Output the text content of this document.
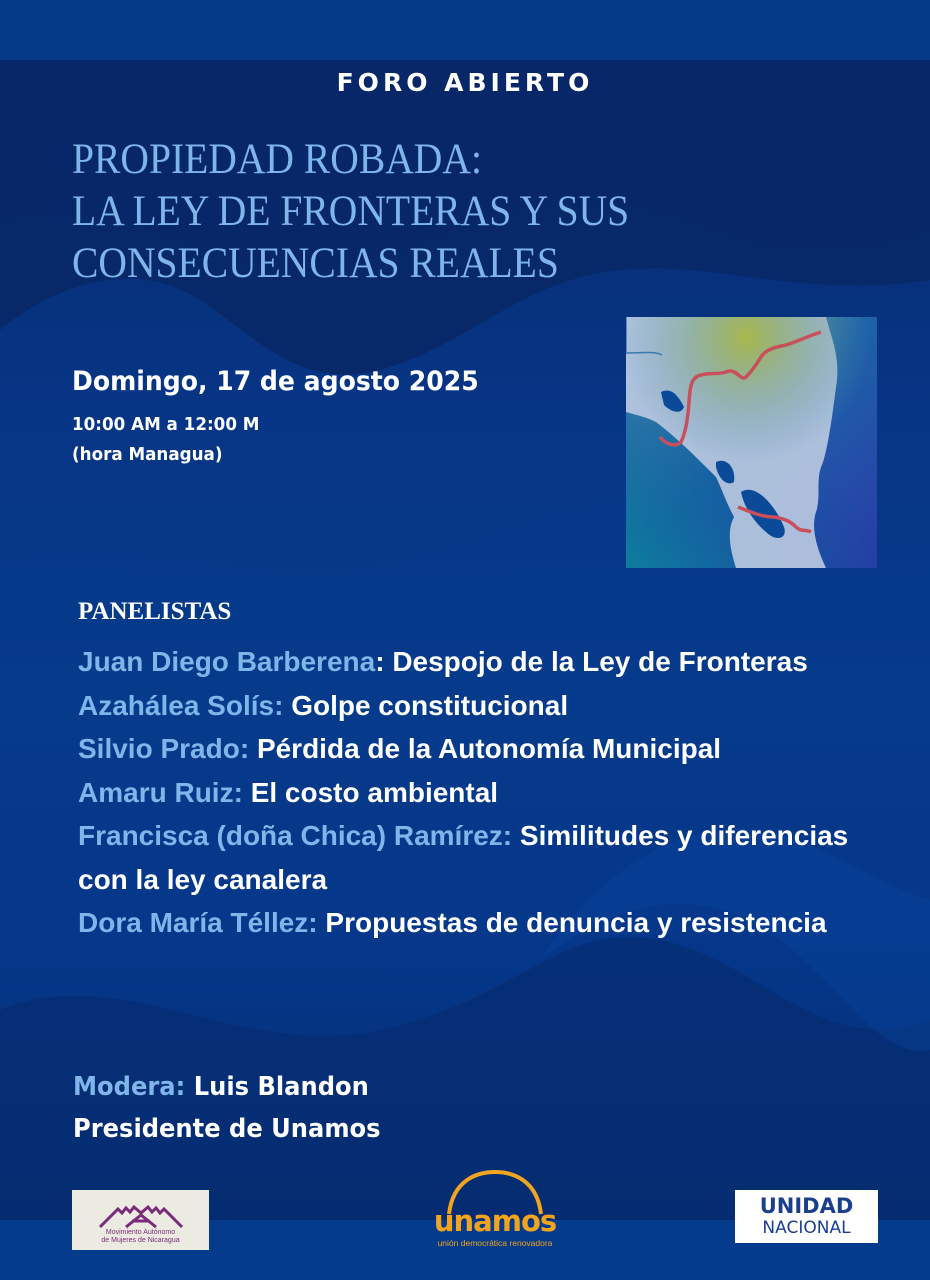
FORO ABIERTO
PROPIEDAD ROBADA:
LA LEY DE FRONTERAS Y SUS
CONSECUENCIAS REALES
Domingo, 17 de agosto 2025
10:00 AM a 12:00 M
(hora Managua)
PANELISTAS
Juan Diego Barberena: Despojo de la Ley de Fronteras
Azahálea Solís: Golpe constitucional
Silvio Prado: Pérdida de la Autonomía Municipal
Amaru Ruiz: El costo ambiental
Francisca (doña Chica) Ramírez: Similitudes y diferencias con la ley canalera
Dora María Téllez: Propuestas de denuncia y resistencia
Modera: Luis Blandon
Presidente de Unamos
Movimiento Autónomo
de Mujeres de Nicaragua
unamos
unión democrática renovadora
UNIDAD
NACIONAL
